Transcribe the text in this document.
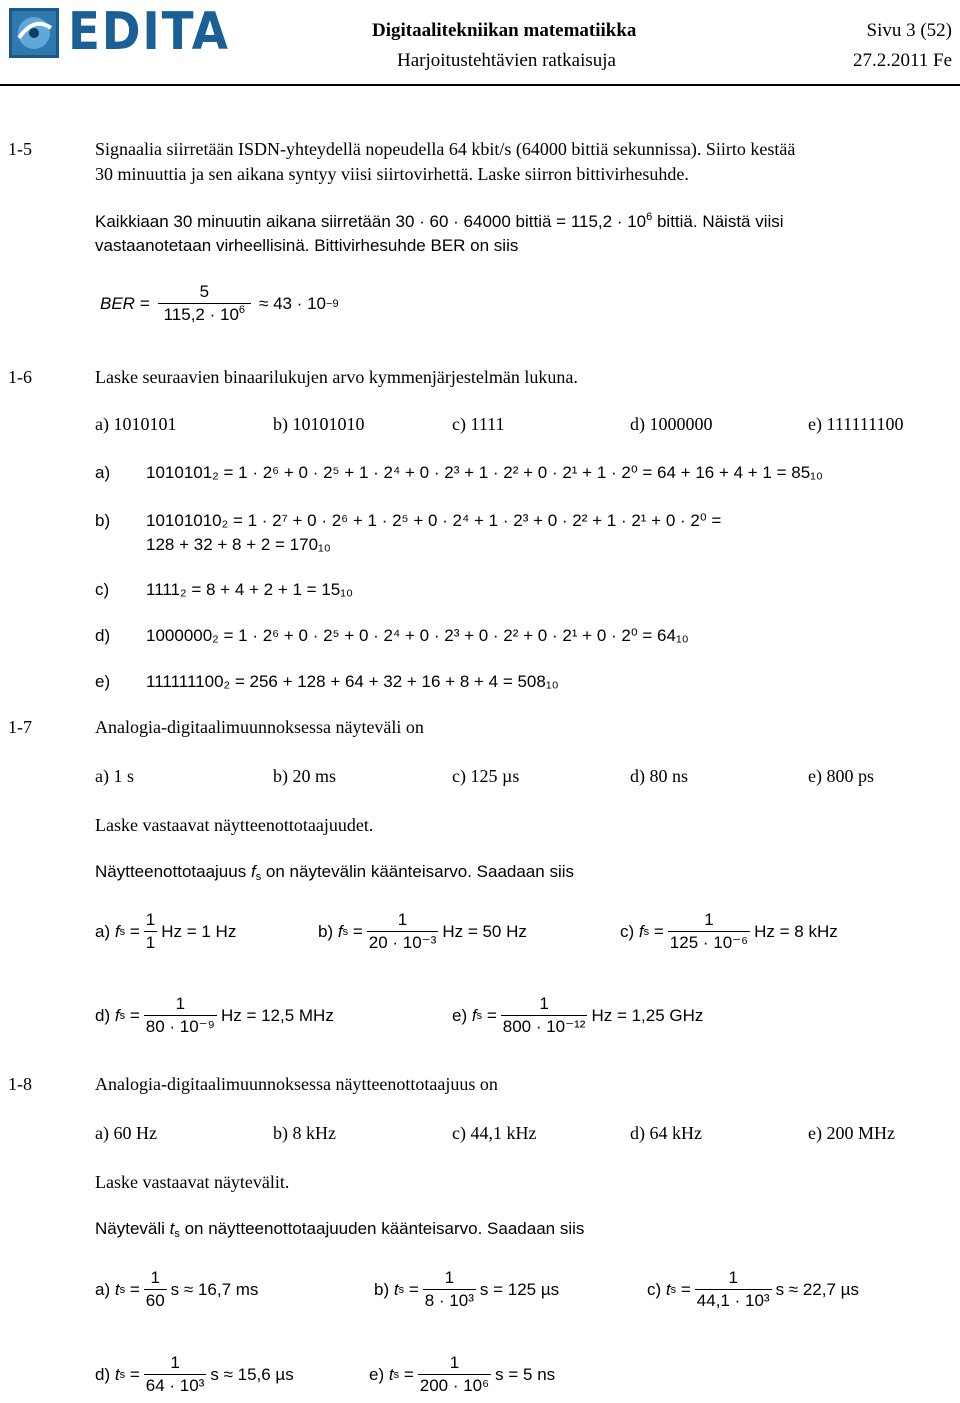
EDITA	Digitaalitekniikan matematiikka
Harjoitustehtävien ratkaisuja
Sivu 3 (52)
27.2.2011 Fe
1-5	Signaalia siirretään ISDN-yhteydellä nopeudella 64 kbit/s (64000 bittiä sekunnissa). Siirto kestää
30 minuuttia ja sen aikana syntyy viisi siirtovirhettä. Laske siirron bittivirhesuhde.
Kaikkiaan 30 minuutin aikana siirretään 30 · 60 · 64000 bittiä = $115,2 \cdot 10^6$ bittiä. Näistä viisi
vastaanotetaan virheellisinä. Bittivirhesuhde BER on siis
BER = $\frac{5}{115,2 \cdot 10^6} \approx 43 \cdot 10 -9$
1-6	Laske seuraavien binaarilukujen arvo kymmenjärjestelmän lukuna.
a) 1010101	b) 10101010	c) 1111	d) 1000000	e) 111111100
a) 1010101₂ = 1 · 2⁶ + 0 · 2⁵ + 1 · 2⁴ + 0 · 2³ + 1 · 2² + 0 · 2¹ + 1 · 2⁰ = 64 + 16 + 4 + 1 = 85₁₀
b) 10101010₂ = 1 · 2⁷ + 0 · 2⁶ + 1 · 2⁵ + 0 · 2⁴ + 1 · 2³ + 0 · 2² + 1 · 2¹ + 0 · 2⁰ =
128 + 32 + 8 + 2 = 170₁₀
c) 1111₂ = 8 + 4 + 2 + 1 = 15₁₀
d) 1000000₂ = 1 · 2⁶ + 0 · 2⁵ + 0 · 2⁴ + 0 · 2³ + 0 · 2² + 0 · 2¹ + 0 · 2⁰ = 64₁₀
e) 111111100₂ = 256 + 128 + 64 + 32 + 16 + 8 + 4 = 508₁₀
1-7	Analogia-digitaalimuunnoksessa näyteväli on
a) 1 s	b) 20 ms	c) 125 µs	d) 80 ns	e) 800 ps
Laske vastaavat näytteenottotaajuudet.
Näytteenottotaajuus $f_s$ on näytevälin käänteisarvo. Saadaan siis
a)
f $s = \frac{1}{1}$ Hz = 1 Hz	b)
f $s = \frac{1}{\text{20 · 10⁻³}}$ Hz = 50 Hz	c)
f $s = \frac{1}{\text{125 · 10⁻⁶}}$ Hz = 8 kHz
d)
f $s = \frac{1}{\text{80 · 10⁻⁹}}$ Hz = 12,5 MHz	e)
f $s = \frac{1}{\text{800 · 10⁻¹²}}$ Hz = 1,25 GHz
1-8	Analogia-digitaalimuunnoksessa näytteenottotaajuus on
a) 60 Hz	b) 8 kHz	c) 44,1 kHz	d) 64 kHz	e) 200 MHz
Laske vastaavat näytevälit.
Näyteväli $t_s$ on näytteenottotaajuuden käänteisarvo. Saadaan siis
a)
t $s = \frac{1}{60}$ s ≈ 16,7 ms	b)
t $s = \frac{1}{\text{8 · 10³}}$ s = 125 µs	c)
t $s = \frac{1}{\text{44,1 · 10³}}$ s ≈ 22,7 µs
d)
t $s = \frac{1}{\text{64 · 10³}}$ s ≈ 15,6 µs	e)
t $s = \frac{1}{\text{200 · 10⁶}}$ s = 5 ns
